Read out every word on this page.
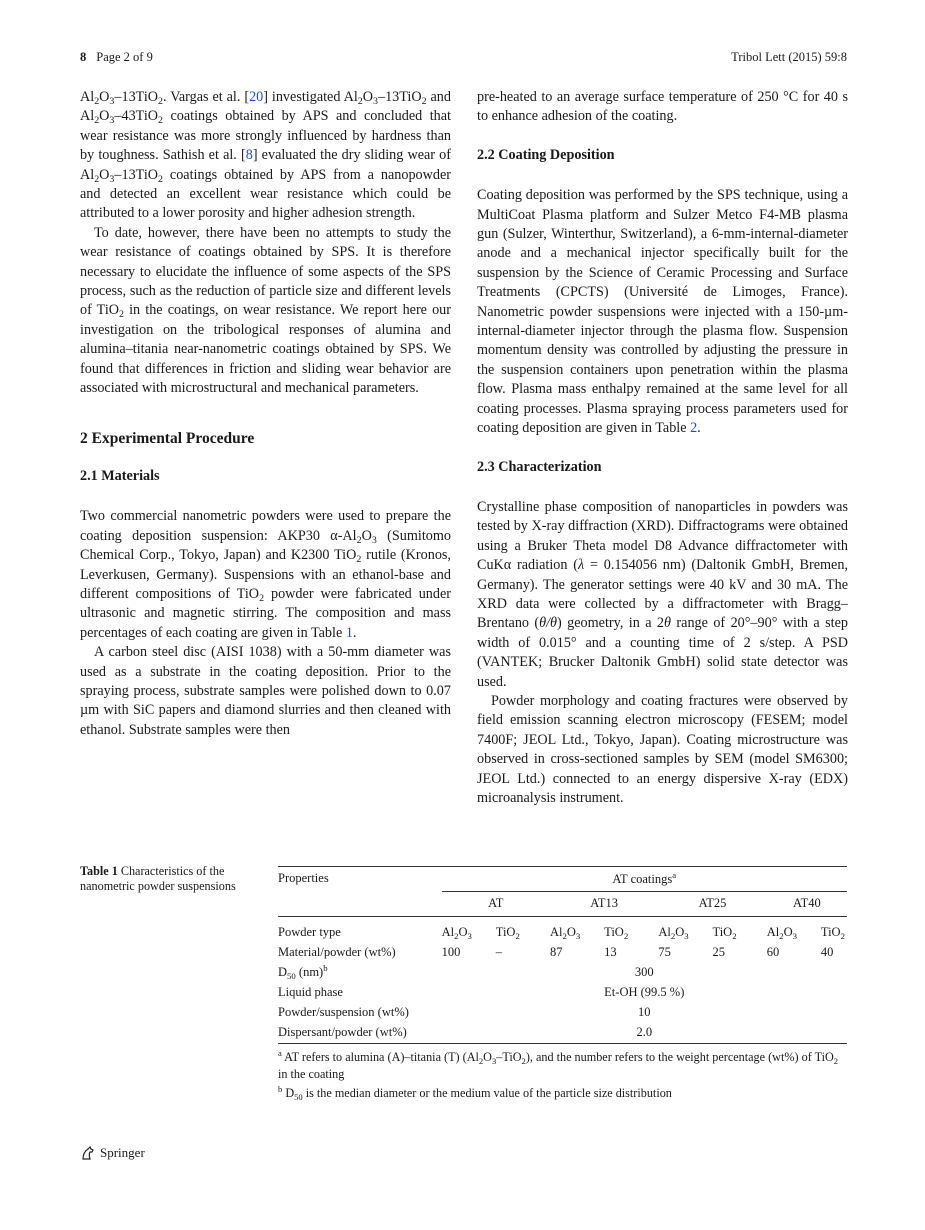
8 Page 2 of 9	Tribol Lett (2015) 59:8

$Al_2O_3-13TiO_2$. Vargas et al. [20] investigated $Al_2O_3-13TiO_2$ and $Al_2O_3-43TiO_2$ coatings obtained by APS and concluded that wear resistance was more strongly influenced by hardness than by toughness. Sathish et al. [8] evaluated the dry sliding wear of $Al_2O_3-13TiO_2$ coatings obtained by APS from a nanopowder and detected an excellent wear resistance which could be attributed to a lower porosity and higher adhesion strength.

To date, however, there have been no attempts to study the wear resistance of coatings obtained by SPS. It is therefore necessary to elucidate the influence of some aspects of the SPS process, such as the reduction of particle size and different levels of TiO$_2$ in the coatings, on wear resistance. We report here our investigation on the tribological responses of alumina and alumina–titania near-nanometric coatings obtained by SPS. We found that differences in friction and sliding wear behavior are associated with microstructural and mechanical parameters.

2 Experimental Procedure
2.1 Materials

Two commercial nanometric powders were used to prepare the coating deposition suspension: AKP30 $\alpha-Al_2O_3$ (Sumitomo Chemical Corp., Tokyo, Japan) and K2300 TiO$_2$ rutile (Kronos, Leverkusen, Germany). Suspensions with an ethanol-base and different compositions of TiO$_2$ powder were fabricated under ultrasonic and magnetic stirring. The composition and mass percentages of each coating are given in Table 1.

A carbon steel disc (AISI 1038) with a 50-mm diameter was used as a substrate in the coating deposition. Prior to the spraying process, substrate samples were polished down to 0.07 µm with SiC papers and diamond slurries and then cleaned with ethanol. Substrate samples were then

pre-heated to an average surface temperature of 250 °C for 40 s to enhance adhesion of the coating.

2.2 Coating Deposition

Coating deposition was performed by the SPS technique, using a MultiCoat Plasma platform and Sulzer Metco F4-MB plasma gun (Sulzer, Winterthur, Switzerland), a 6-mm-internal-diameter anode and a mechanical injector specifically built for the suspension by the Science of Ceramic Processing and Surface Treatments (CPCTS) (Université de Limoges, France). Nanometric powder suspensions were injected with a 150-µm-internal-diameter injector through the plasma flow. Suspension momentum density was controlled by adjusting the pressure in the suspension containers upon penetration within the plasma flow. Plasma mass enthalpy remained at the same level for all coating processes. Plasma spraying process parameters used for coating deposition are given in Table 2.

2.3 Characterization

Crystalline phase composition of nanoparticles in powders was tested by X-ray diffraction (XRD). Diffractograms were obtained using a Bruker Theta model D8 Advance diffractometer with CuKα radiation (λ = 0.154056 nm) (Daltonik GmbH, Bremen, Germany). The generator settings were 40 kV and 30 mA. The XRD data were collected by a diffractometer with Bragg–Brentano (θ/θ) geometry, in a 2θ range of 20°–90° with a step width of 0.015° and a counting time of 2 s/step. A PSD (VANTEK; Brucker Daltonik GmbH) solid state detector was used.

Powder morphology and coating fractures were observed by field emission scanning electron microscopy (FESEM; model 7400F; JEOL Ltd., Tokyo, Japan). Coating microstructure was observed in cross-sectioned samples by SEM (model SM6300; JEOL Ltd.) connected to an energy dispersive X-ray (EDX) microanalysis instrument.

Table 1 Characteristics of the nanometric powder suspensions
Properties	AT coatings$^a$
	AT		AT13		AT25		AT40	

Powder type	$Al_2O_3$	TiO$_2$	$Al_2O_3$	TiO$_2$	$Al_2O_3$	TiO$_2$	$Al_2O_3$	TiO$_2$
Material/powder (wt%)	100	–	87	13	75	25	60	40
$D_{50}$ (nm)$^b$	300							
Liquid phase	Et-OH (99.5 %)							
Powder/suspension (wt%)	10							
Dispersant/powder (wt%)	2.0							
$^a$ AT refers to alumina (A)–titania (T) $(Al_2O_3-TiO_2)$, and the number refers to the weight percentage (wt%) of TiO$_2$ in the coating
$^b$ $D_{50}$ is the median diameter or the medium value of the particle size distribution
Springer
